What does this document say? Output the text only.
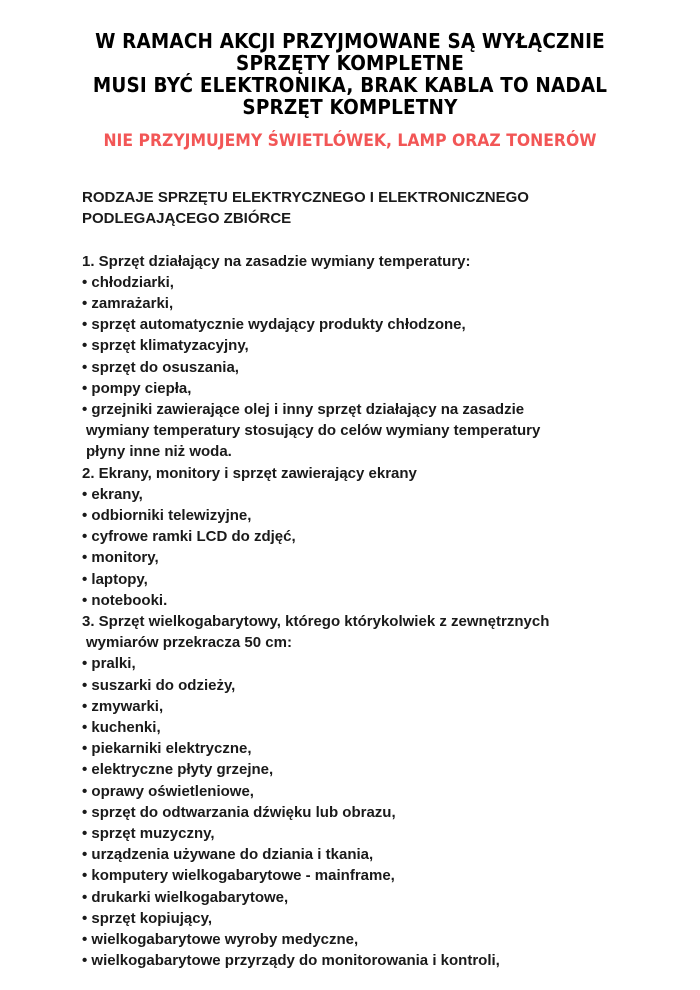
W RAMACH AKCJI PRZYJMOWANE SĄ WYŁĄCZNIE
SPRZĘTY KOMPLETNE
MUSI BYĆ ELEKTRONIKA, BRAK KABLA TO NADAL
SPRZĘT KOMPLETNY
NIE PRZYJMUJEMY ŚWIETLÓWEK, LAMP ORAZ TONERÓW
RODZAJE SPRZĘTU ELEKTRYCZNEGO I ELEKTRONICZNEGO
PODLEGAJĄCEGO ZBIÓRCE
1. Sprzęt działający na zasadzie wymiany temperatury:
• chłodziarki,
• zamrażarki,
• sprzęt automatycznie wydający produkty chłodzone,
• sprzęt klimatyzacyjny,
• sprzęt do osuszania,
• pompy ciepła,
• grzejniki zawierające olej i inny sprzęt działający na zasadzie
wymiany temperatury stosujący do celów wymiany temperatury
płyny inne niż woda.
2. Ekrany, monitory i sprzęt zawierający ekrany
• ekrany,
• odbiorniki telewizyjne,
• cyfrowe ramki LCD do zdjęć,
• monitory,
• laptopy,
• notebooki.
3. Sprzęt wielkogabarytowy, którego którykolwiek z zewnętrznych
wymiarów przekracza 50 cm:
• pralki,
• suszarki do odzieży,
• zmywarki,
• kuchenki,
• piekarniki elektryczne,
• elektryczne płyty grzejne,
• oprawy oświetleniowe,
• sprzęt do odtwarzania dźwięku lub obrazu,
• sprzęt muzyczny,
• urządzenia używane do dziania i tkania,
• komputery wielkogabarytowe - mainframe,
• drukarki wielkogabarytowe,
• sprzęt kopiujący,
• wielkogabarytowe wyroby medyczne,
• wielkogabarytowe przyrządy do monitorowania i kontroli,
